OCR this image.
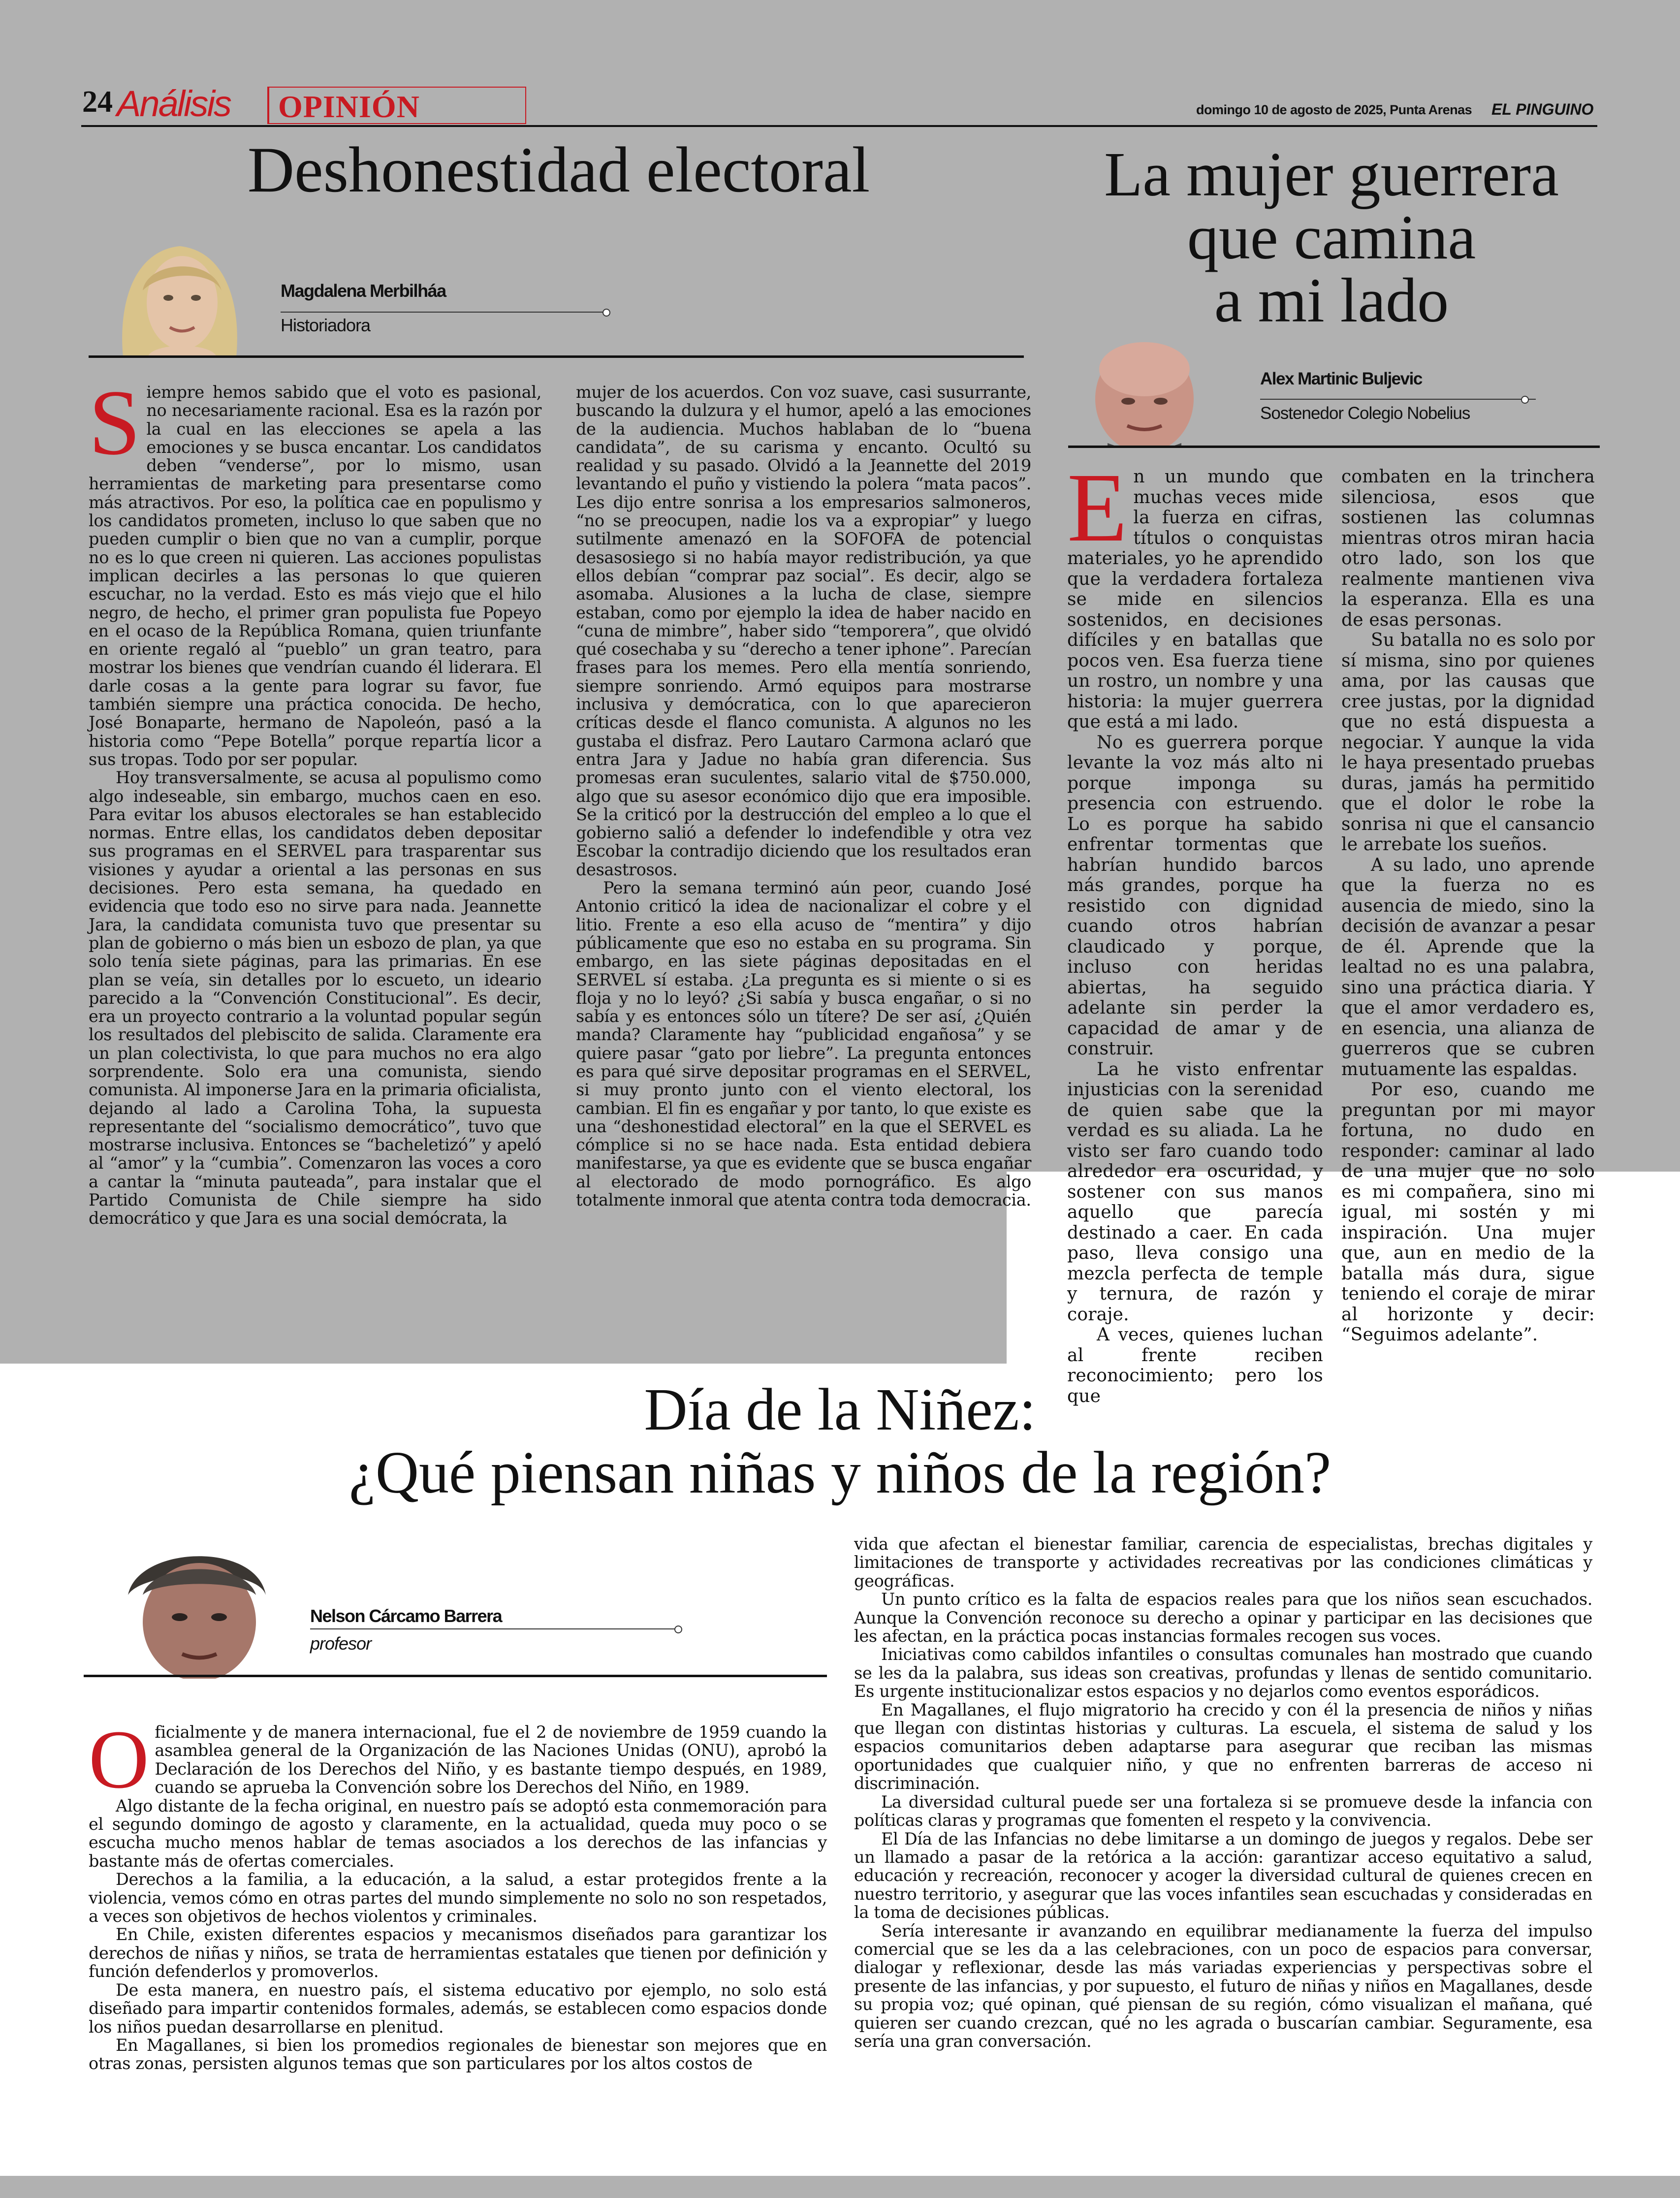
24 Análisis OPINIÓN	domingo 10 de agosto de 2025, Punta Arenas EL PINGUINO
Deshonestidad electoral
Magdalena Merbilháa
Historiadora

Siempre hemos sabido que el voto es pasional, no necesariamente racional. Esa es la razón por la cual en las elecciones se apela a las emociones y se busca encantar. Los candidatos deben “venderse”, por lo mismo, usan herramientas de marketing para presentarse como más atractivos. Por eso, la política cae en populismo y los candidatos prometen, incluso lo que saben que no pueden cumplir o bien que no van a cumplir, porque no es lo que creen ni quieren. Las acciones populistas implican decirles a las personas lo que quieren escuchar, no la verdad. Esto es más viejo que el hilo negro, de hecho, el primer gran populista fue Popeyo en el ocaso de la República Romana, quien triunfante en oriente regaló al “pueblo” un gran teatro, para mostrar los bienes que vendrían cuando él liderara. El darle cosas a la gente para lograr su favor, fue también siempre una práctica conocida. De hecho, José Bonaparte, hermano de Napoleón, pasó a la historia como “Pepe Botella” porque repartía licor a sus tropas. Todo por ser popular.

Hoy transversalmente, se acusa al populismo como algo indeseable, sin embargo, muchos caen en eso. Para evitar los abusos electorales se han establecido normas. Entre ellas, los candidatos deben depositar sus programas en el SERVEL para trasparentar sus visiones y ayudar a oriental a las personas en sus decisiones. Pero esta semana, ha quedado en evidencia que todo eso no sirve para nada. Jeannette Jara, la candidata comunista tuvo que presentar su plan de gobierno o más bien un esbozo de plan, ya que solo tenía siete páginas, para las primarias. En ese plan se veía, sin detalles por lo escueto, un ideario parecido a la “Convención Constitucional”. Es decir, era un proyecto contrario a la voluntad popular según los resultados del plebiscito de salida. Claramente era un plan colectivista, lo que para muchos no era algo sorprendente. Solo era una comunista, siendo comunista. Al imponerse Jara en la primaria oficialista, dejando al lado a Carolina Toha, la supuesta representante del “socialismo democrático”, tuvo que mostrarse inclusiva. Entonces se “bacheletizó” y apeló al “amor” y la “cumbia”. Comenzaron las voces a coro a cantar la “minuta pauteada”, para instalar que el Partido Comunista de Chile siempre ha sido democrático y que Jara es una social demócrata, la

mujer de los acuerdos. Con voz suave, casi susurrante, buscando la dulzura y el humor, apeló a las emociones de la audiencia. Muchos hablaban de lo “buena candidata”, de su carisma y encanto. Ocultó su realidad y su pasado. Olvidó a la Jeannette del 2019 levantando el puño y vistiendo la polera “mata pacos”. Les dijo entre sonrisa a los empresarios salmoneros, “no se preocupen, nadie los va a expropiar” y luego sutilmente amenazó en la SOFOFA de potencial desasosiego si no había mayor redistribución, ya que ellos debían “comprar paz social”. Es decir, algo se asomaba. Alusiones a la lucha de clase, siempre estaban, como por ejemplo la idea de haber nacido en “cuna de mimbre”, haber sido “temporera”, que olvidó qué cosechaba y su “derecho a tener iphone”. Parecían frases para los memes. Pero ella mentía sonriendo, siempre sonriendo. Armó equipos para mostrarse inclusiva y demócratica, con lo que aparecieron críticas desde el flanco comunista. A algunos no les gustaba el disfraz. Pero Lautaro Carmona aclaró que entra Jara y Jadue no había gran diferencia. Sus promesas eran suculentes, salario vital de $750.000, algo que su asesor económico dijo que era imposible. Se la criticó por la destrucción del empleo a lo que el gobierno salió a defender lo indefendible y otra vez Escobar la contradijo diciendo que los resultados eran desastrosos.

Pero la semana terminó aún peor, cuando José Antonio criticó la idea de nacionalizar el cobre y el litio. Frente a eso ella acuso de “mentira” y dijo públicamente que eso no estaba en su programa. Sin embargo, en las siete páginas depositadas en el SERVEL sí estaba. ¿La pregunta es si miente o si es floja y no lo leyó? ¿Si sabía y busca engañar, o si no sabía y es entonces sólo un títere? De ser así, ¿Quién manda? Claramente hay “publicidad engañosa” y se quiere pasar “gato por liebre”. La pregunta entonces es para qué sirve depositar programas en el SERVEL, si muy pronto junto con el viento electoral, los cambian. El fin es engañar y por tanto, lo que existe es una “deshonestidad electoral” en la que el SERVEL es cómplice si no se hace nada. Esta entidad debiera manifestarse, ya que es evidente que se busca engañar al electorado de modo pornográfico. Es algo totalmente inmoral que atenta contra toda democracia.

La mujer guerrera
que camina
a mi lado
Alex Martinic Buljevic
Sostenedor Colegio Nobelius

En un mundo que muchas veces mide la fuerza en cifras, títulos o conquistas materiales, yo he aprendido que la verdadera fortaleza se mide en silencios sostenidos, en decisiones difíciles y en batallas que pocos ven. Esa fuerza tiene un rostro, un nombre y una historia: la mujer guerrera que está a mi lado.

No es guerrera porque levante la voz más alto ni porque imponga su presencia con estruendo. Lo es porque ha sabido enfrentar tormentas que habrían hundido barcos más grandes, porque ha resistido con dignidad cuando otros habrían claudicado y porque, incluso con heridas abiertas, ha seguido adelante sin perder la capacidad de amar y de construir.

La he visto enfrentar injusticias con la serenidad de quien sabe que la verdad es su aliada. La he visto ser faro cuando todo alrededor era oscuridad, y sostener con sus manos aquello que parecía destinado a caer. En cada paso, lleva consigo una mezcla perfecta de temple y ternura, de razón y coraje.

A veces, quienes luchan al frente reciben reconocimiento; pero los que

combaten en la trinchera silenciosa, esos que sostienen las columnas mientras otros miran hacia otro lado, son los que realmente mantienen viva la esperanza. Ella es una de esas personas.

Su batalla no es solo por sí misma, sino por quienes ama, por las causas que cree justas, por la dignidad que no está dispuesta a negociar. Y aunque la vida le haya presentado pruebas duras, jamás ha permitido que el dolor le robe la sonrisa ni que el cansancio le arrebate los sueños.

A su lado, uno aprende que la fuerza no es ausencia de miedo, sino la decisión de avanzar a pesar de él. Aprende que la lealtad no es una palabra, sino una práctica diaria. Y que el amor verdadero es, en esencia, una alianza de guerreros que se cubren mutuamente las espaldas.

Por eso, cuando me preguntan por mi mayor fortuna, no dudo en responder: caminar al lado de una mujer que no solo es mi compañera, sino mi igual, mi sostén y mi inspiración. Una mujer que, aun en medio de la batalla más dura, sigue teniendo el coraje de mirar al horizonte y decir: “Seguimos adelante”.

Día de la Niñez:
¿Qué piensan niñas y niños de la región?
Nelson Cárcamo Barrera
profesor

Oficialmente y de manera internacional, fue el 2 de noviembre de 1959 cuando la asamblea general de la Organización de las Naciones Unidas (ONU), aprobó la Declaración de los Derechos del Niño, y es bastante tiempo después, en 1989, cuando se aprueba la Convención sobre los Derechos del Niño, en 1989.

Algo distante de la fecha original, en nuestro país se adoptó esta conmemoración para el segundo domingo de agosto y claramente, en la actualidad, queda muy poco o se escucha mucho menos hablar de temas asociados a los derechos de las infancias y bastante más de ofertas comerciales.

Derechos a la familia, a la educación, a la salud, a estar protegidos frente a la violencia, vemos cómo en otras partes del mundo simplemente no solo no son respetados, a veces son objetivos de hechos violentos y criminales.

En Chile, existen diferentes espacios y mecanismos diseñados para garantizar los derechos de niñas y niños, se trata de herramientas estatales que tienen por definición y función defenderlos y promoverlos.

De esta manera, en nuestro país, el sistema educativo por ejemplo, no solo está diseñado para impartir contenidos formales, además, se establecen como espacios donde los niños puedan desarrollarse en plenitud.

En Magallanes, si bien los promedios regionales de bienestar son mejores que en otras zonas, persisten algunos temas que son particulares por los altos costos de

vida que afectan el bienestar familiar, carencia de especialistas, brechas digitales y limitaciones de transporte y actividades recreativas por las condiciones climáticas y geográficas.

Un punto crítico es la falta de espacios reales para que los niños sean escuchados. Aunque la Convención reconoce su derecho a opinar y participar en las decisiones que les afectan, en la práctica pocas instancias formales recogen sus voces.

Iniciativas como cabildos infantiles o consultas comunales han mostrado que cuando se les da la palabra, sus ideas son creativas, profundas y llenas de sentido comunitario. Es urgente institucionalizar estos espacios y no dejarlos como eventos esporádicos.

En Magallanes, el flujo migratorio ha crecido y con él la presencia de niños y niñas que llegan con distintas historias y culturas. La escuela, el sistema de salud y los espacios comunitarios deben adaptarse para asegurar que reciban las mismas oportunidades que cualquier niño, y que no enfrenten barreras de acceso ni discriminación.

La diversidad cultural puede ser una fortaleza si se promueve desde la infancia con políticas claras y programas que fomenten el respeto y la convivencia.

El Día de las Infancias no debe limitarse a un domingo de juegos y regalos. Debe ser un llamado a pasar de la retórica a la acción: garantizar acceso equitativo a salud, educación y recreación, reconocer y acoger la diversidad cultural de quienes crecen en nuestro territorio, y asegurar que las voces infantiles sean escuchadas y consideradas en la toma de decisiones públicas.

Sería interesante ir avanzando en equilibrar medianamente la fuerza del impulso comercial que se les da a las celebraciones, con un poco de espacios para conversar, dialogar y reflexionar, desde las más variadas experiencias y perspectivas sobre el presente de las infancias, y por supuesto, el futuro de niñas y niños en Magallanes, desde su propia voz; qué opinan, qué piensan de su región, cómo visualizan el mañana, qué quieren ser cuando crezcan, qué no les agrada o buscarían cambiar. Seguramente, esa sería una gran conversación.
